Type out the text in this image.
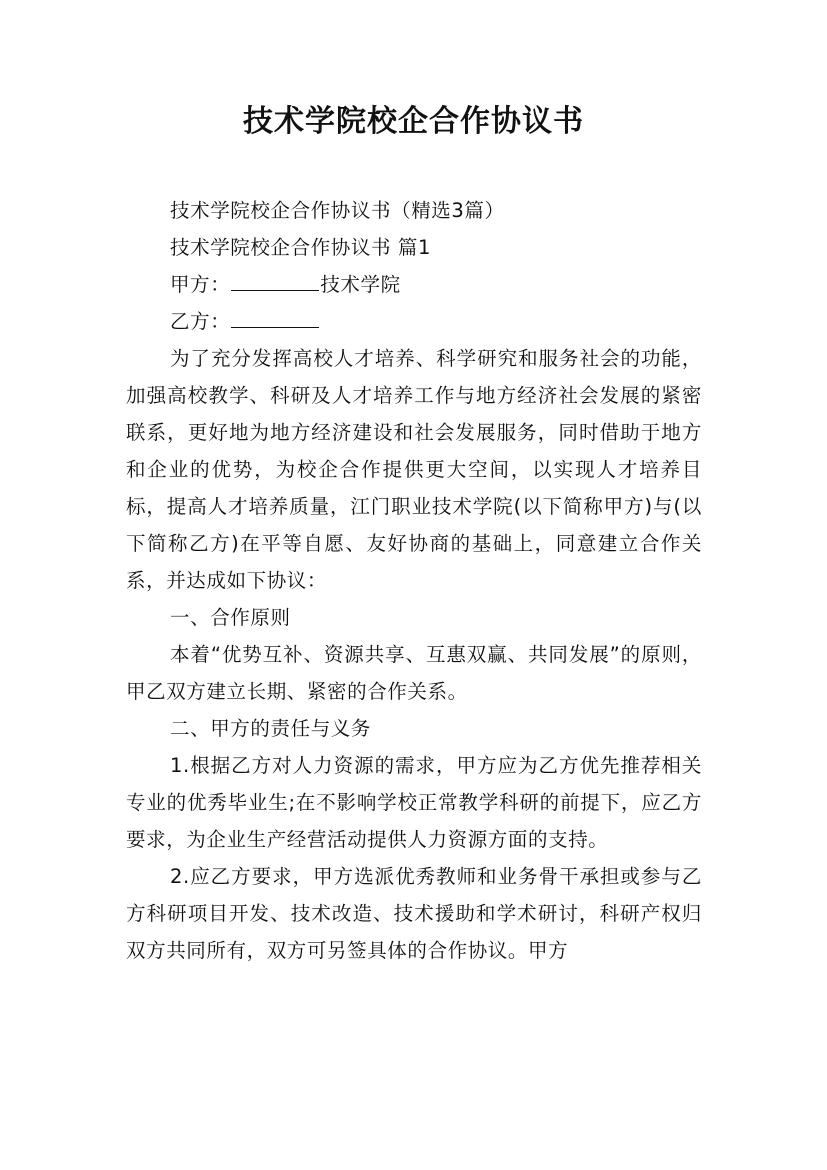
技术学院校企合作协议书

技术学院校企合作协议书（精选3篇）

技术学院校企合作协议书 篇1

甲方：	技术学院

乙方：

为了充分发挥高校人才培养、科学研究和服务社会的功能，加强高校教学、科研及人才培养工作与地方经济社会发展的紧密联系，更好地为地方经济建设和社会发展服务，同时借助于地方和企业的优势，为校企合作提供更大空间，以实现人才培养目标，提高人才培养质量，江门职业技术学院(以下简称甲方)与(以下简称乙方)在平等自愿、友好协商的基础上，同意建立合作关系，并达成如下协议：

一、合作原则

本着“优势互补、资源共享、互惠双赢、共同发展”的原则，甲乙双方建立长期、紧密的合作关系。

二、甲方的责任与义务

1.根据乙方对人力资源的需求，甲方应为乙方优先推荐相关专业的优秀毕业生;在不影响学校正常教学科研的前提下，应乙方要求，为企业生产经营活动提供人力资源方面的支持。

2.应乙方要求，甲方选派优秀教师和业务骨干承担或参与乙方科研项目开发、技术改造、技术援助和学术研讨，科研产权归双方共同所有，双方可另签具体的合作协议。甲方
